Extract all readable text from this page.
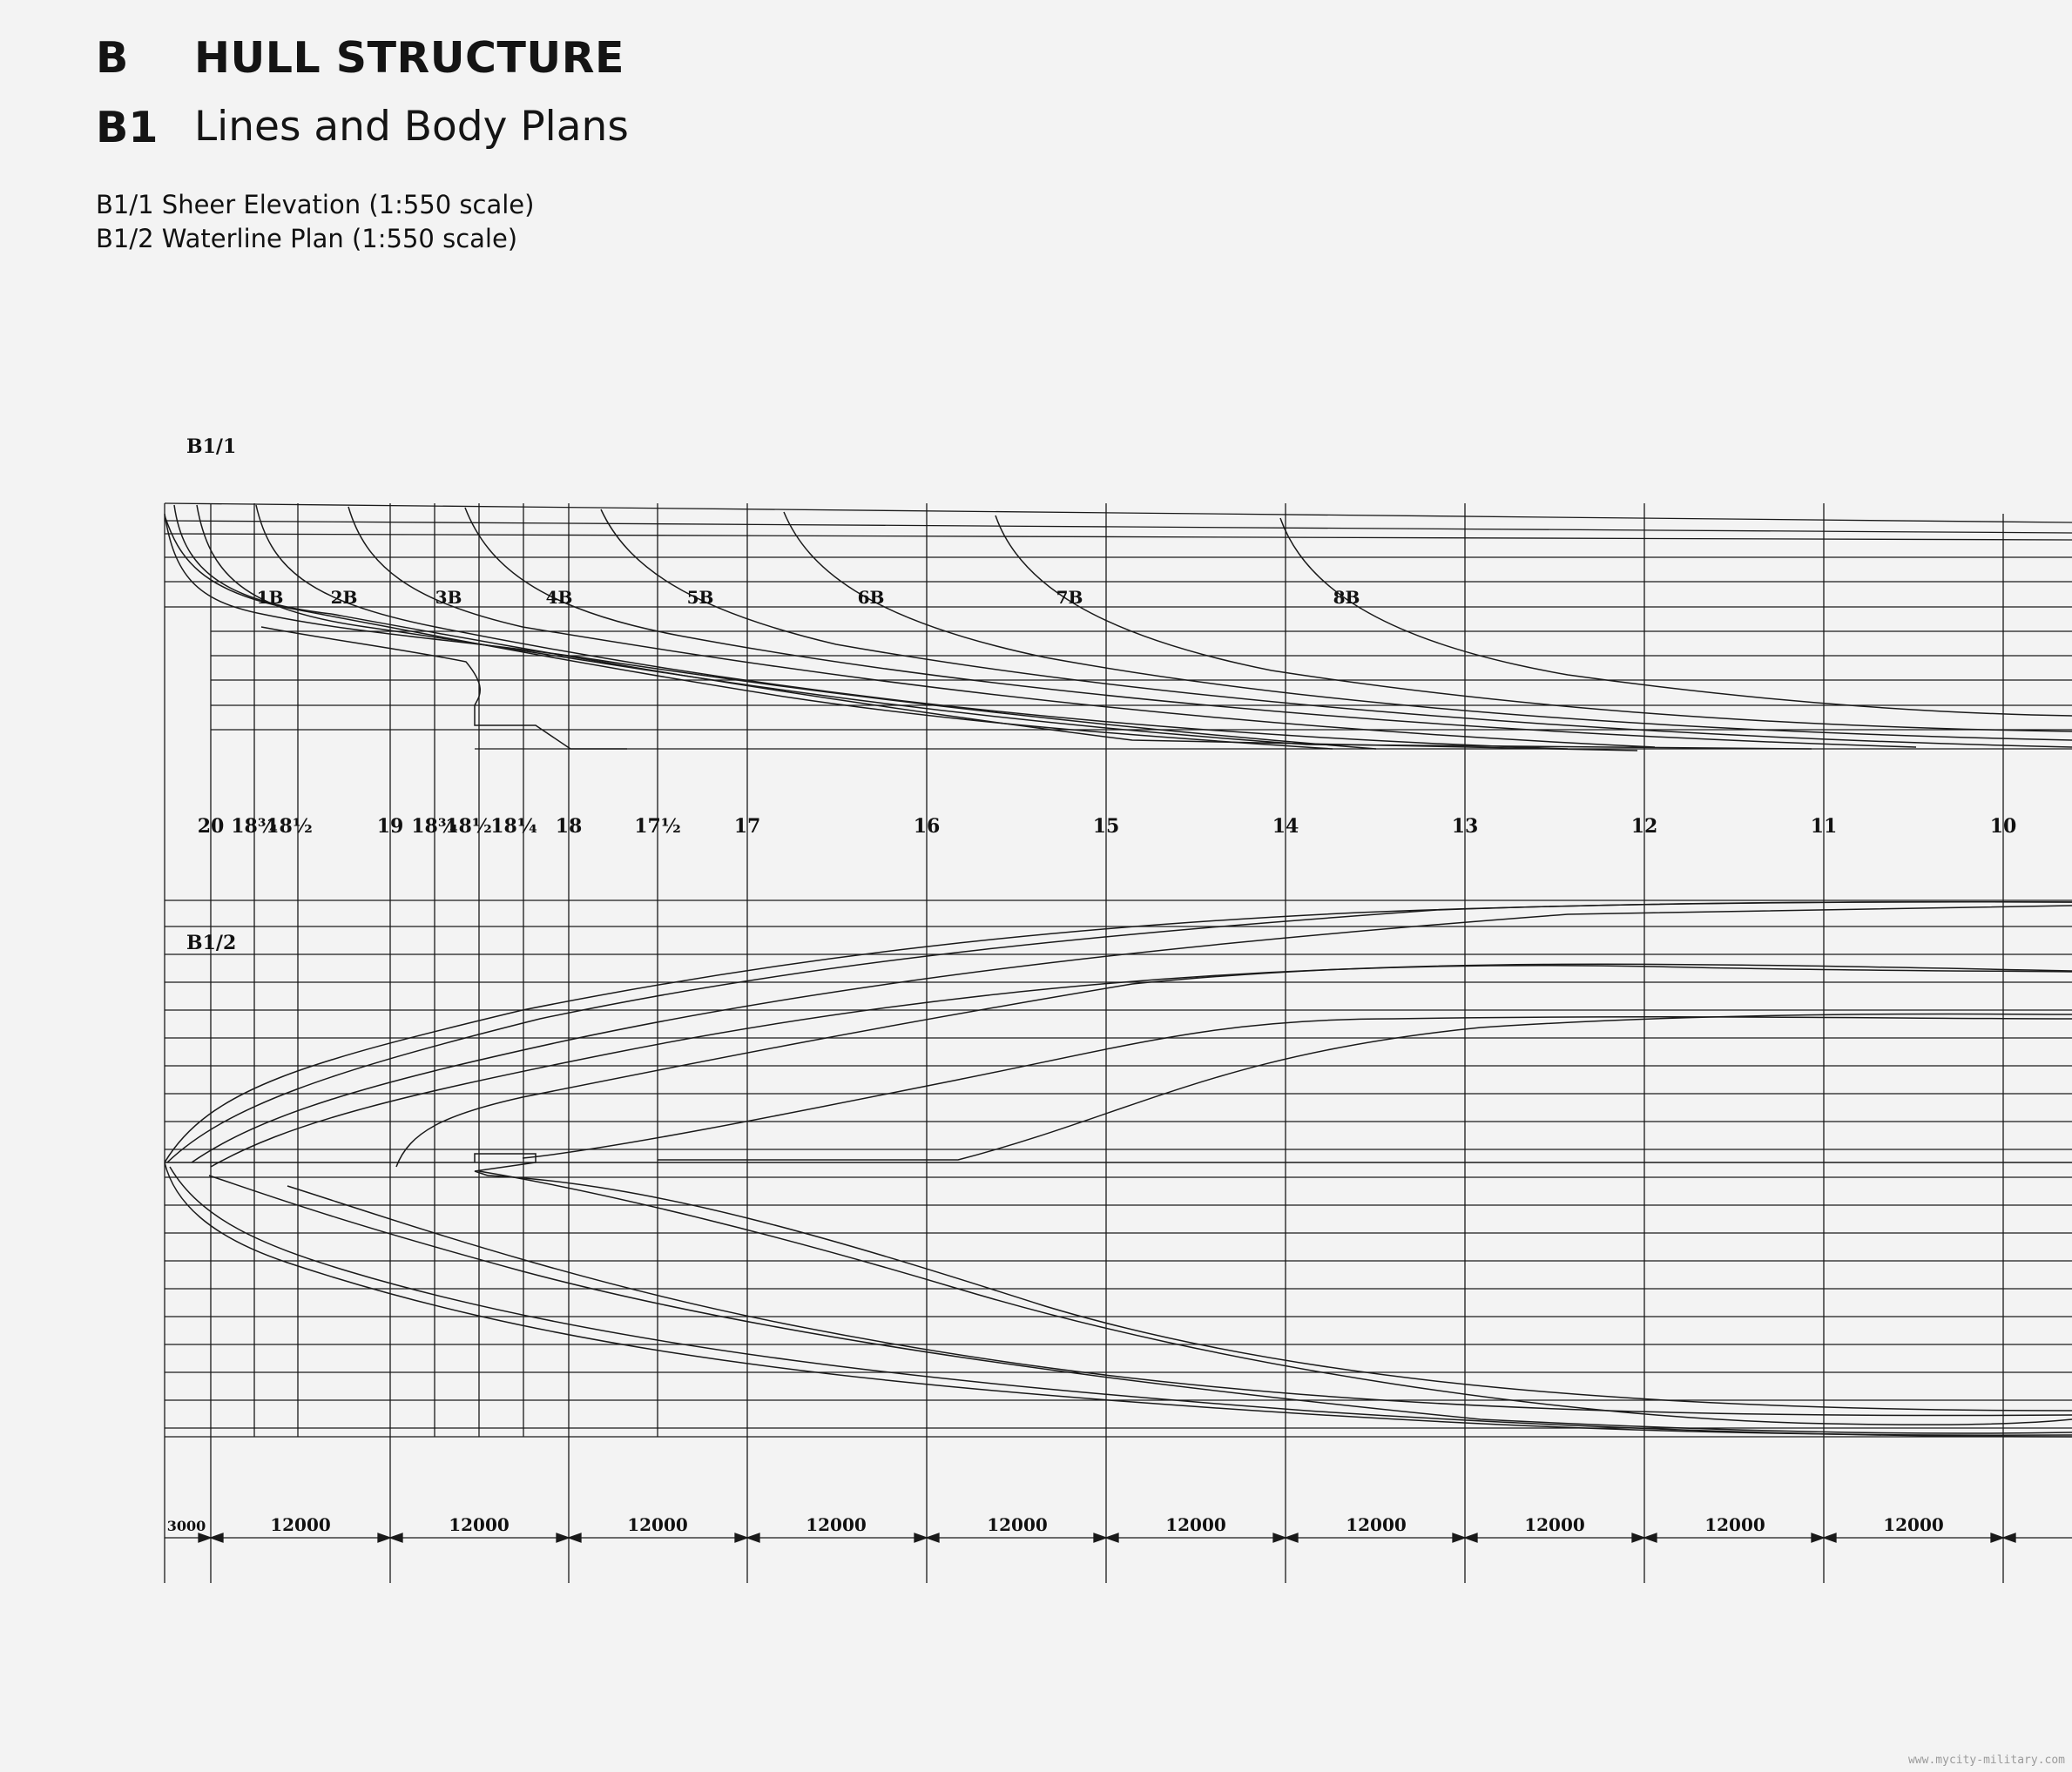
B HULL STRUCTURE
B1 Lines and Body Plans
B1/1 Sheer Elevation (1:550 scale)
B1/2 Waterline Plan (1:550 scale)
B1/1
B1/2
1B	2B	3B	4B	5B	6B	7B	8B
20 18¾
18½	19 18¾
18½
18¼ 18	17½	17	16	15	14	13	12	11	10
3000	12000	12000	12000	12000	12000	12000	12000	12000	12000	12000
www.mycity-military.com
